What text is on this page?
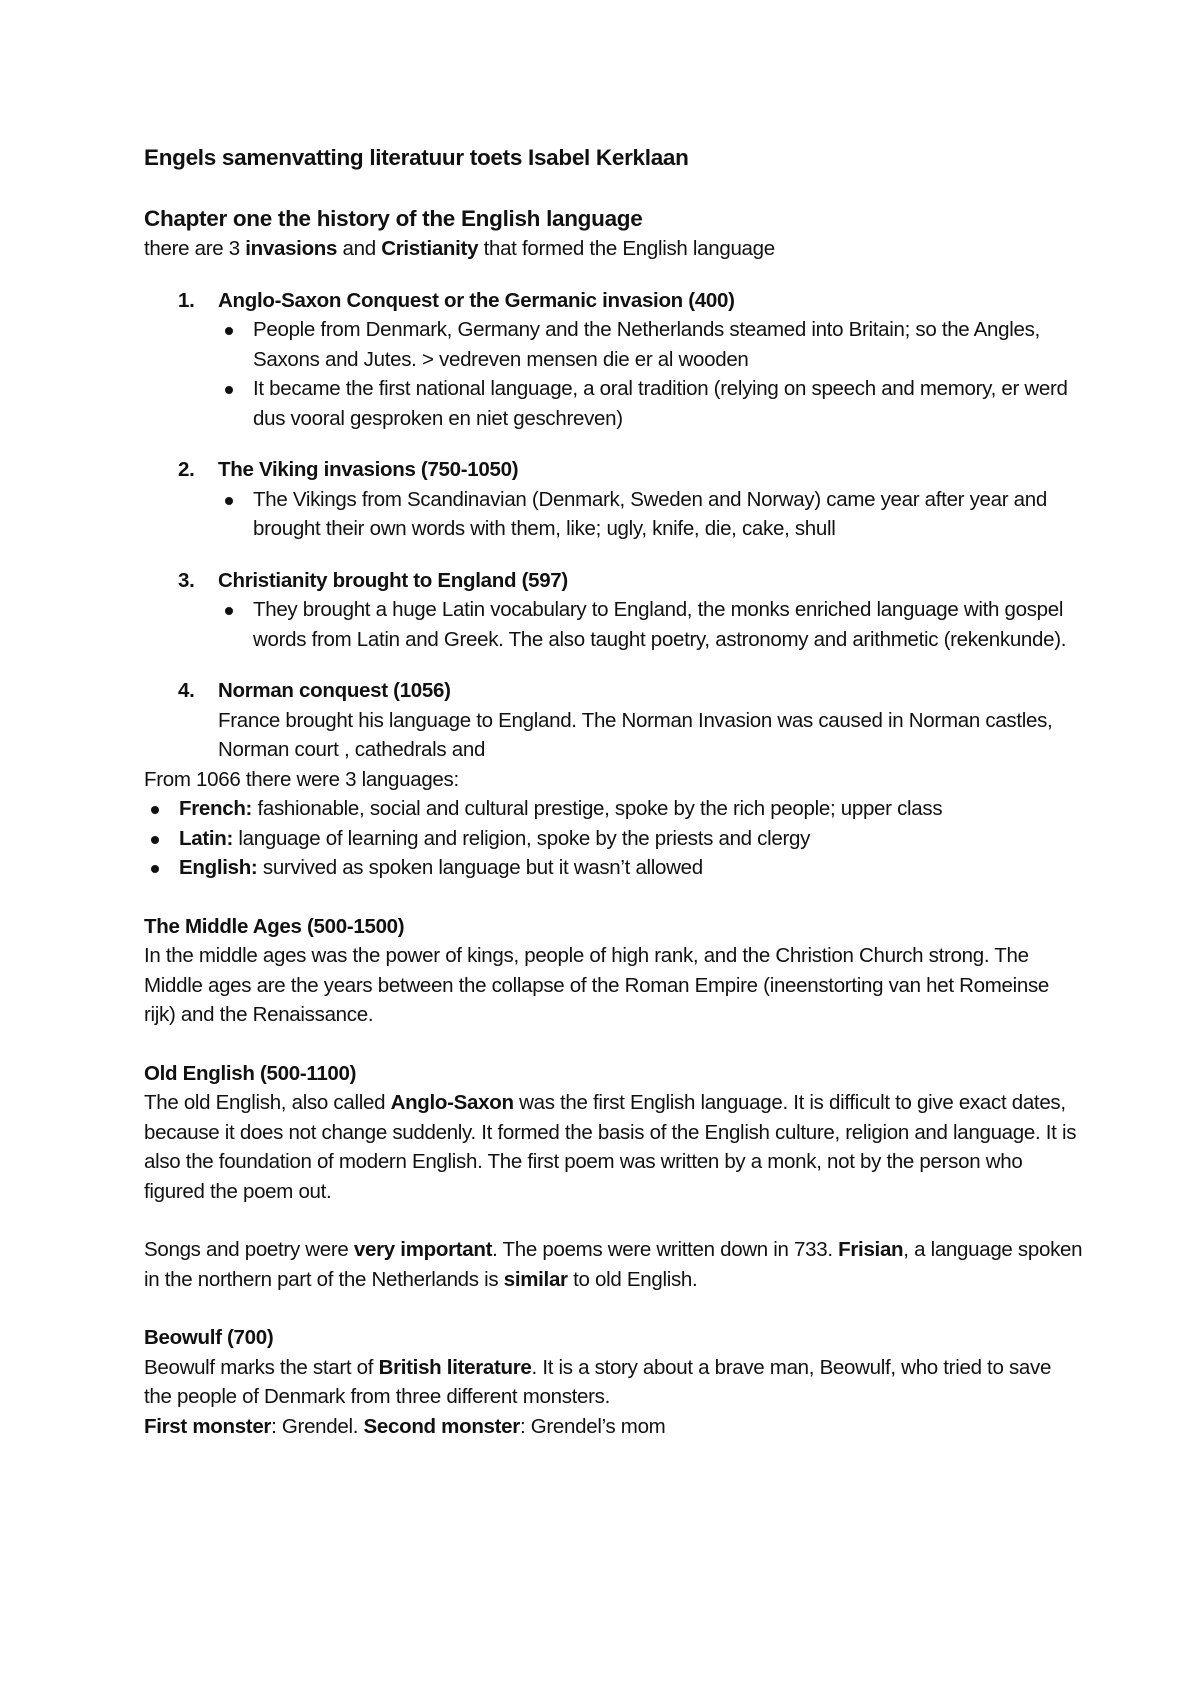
Engels samenvatting literatuur toets Isabel Kerklaan
Chapter one the history of the English language

there are 3 invasions and Cristianity that formed the English language

1. Anglo-Saxon Conquest or the Germanic invasion (400)
People from Denmark, Germany and the Netherlands steamed into Britain; so the Angles, Saxons and Jutes. > vedreven mensen die er al wooden
It became the first national language, a oral tradition (relying on speech and memory, er werd dus vooral gesproken en niet geschreven)
2. The Viking invasions (750-1050)
The Vikings from Scandinavian (Denmark, Sweden and Norway) came year after year and brought their own words with them, like; ugly, knife, die, cake, shull
3. Christianity brought to England (597)
They brought a huge Latin vocabulary to England, the monks enriched language with gospel words from Latin and Greek. The also taught poetry, astronomy and arithmetic (rekenkunde).
4. Norman conquest (1056)
France brought his language to England. The Norman Invasion was caused in Norman castles, Norman court , cathedrals and

From 1066 there were 3 languages:

French: fashionable, social and cultural prestige, spoke by the rich people; upper class
Latin: language of learning and religion, spoke by the priests and clergy
English: survived as spoken language but it wasn’t allowed
The Middle Ages (500-1500)

In the middle ages was the power of kings, people of high rank, and the Christion Church strong. The Middle ages are the years between the collapse of the Roman Empire (ineenstorting van het Romeinse rijk) and the Renaissance.

Old English (500-1100)

The old English, also called Anglo-Saxon was the first English language. It is difficult to give exact dates, because it does not change suddenly. It formed the basis of the English culture, religion and language. It is also the foundation of modern English. The first poem was written by a monk, not by the person who figured the poem out.

Songs and poetry were very important. The poems were written down in 733. Frisian, a language spoken in the northern part of the Netherlands is similar to old English.

Beowulf (700)

Beowulf marks the start of British literature. It is a story about a brave man, Beowulf, who tried to save the people of Denmark from three different monsters.

First monster: Grendel. Second monster: Grendel’s mom
